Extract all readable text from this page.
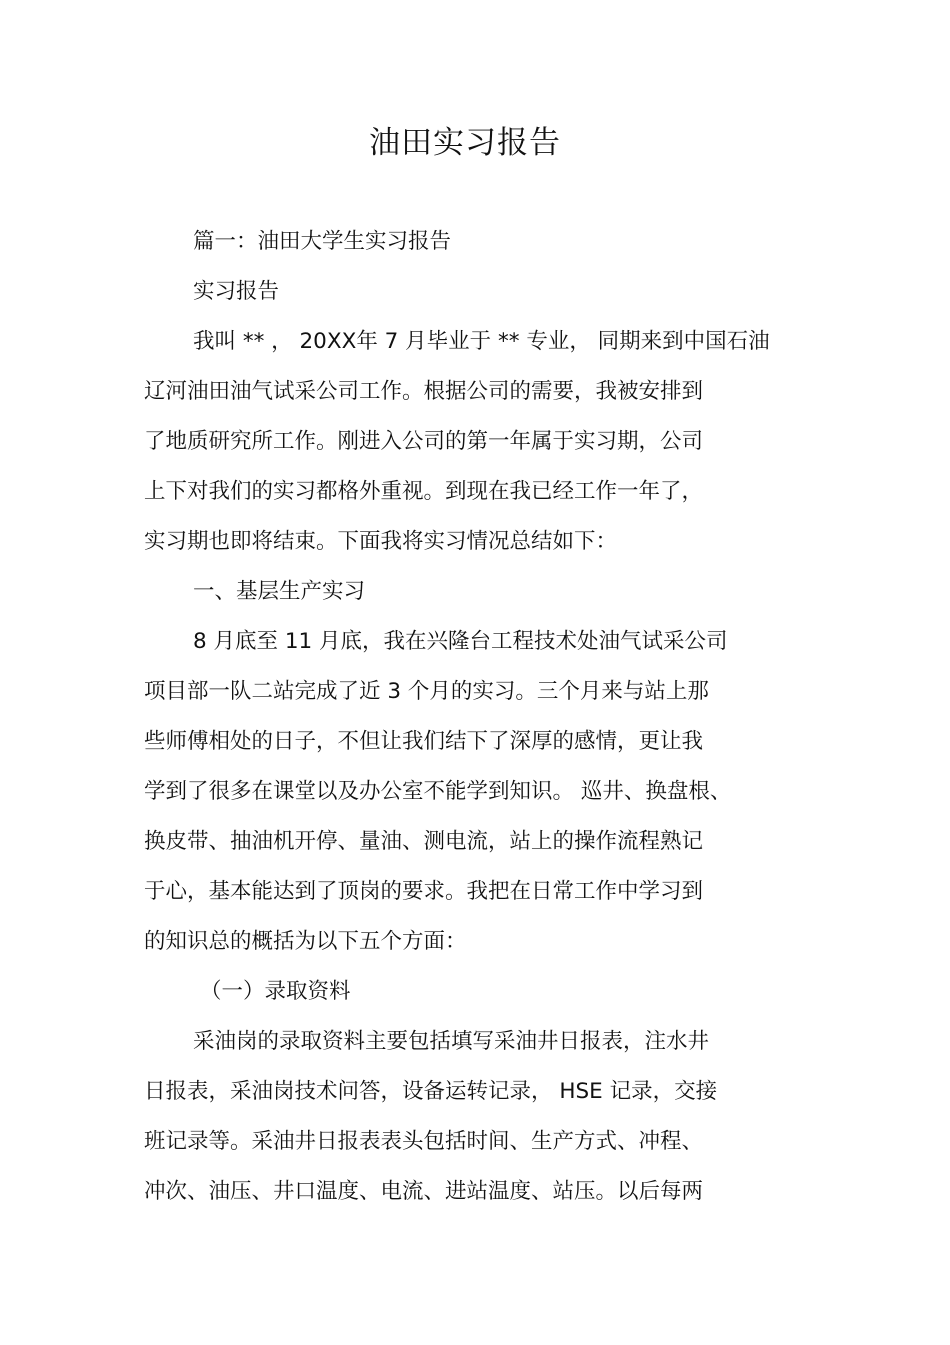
油田实习报告
篇一：油田大学生实习报告
实习报告
我叫 ** ， 20XX年 7 月毕业于 ** 专业， 同期来到中国石油
辽河油田油气试采公司工作。根据公司的需要，我被安排到
了地质研究所工作。刚进入公司的第一年属于实习期，公司
上下对我们的实习都格外重视。到现在我已经工作一年了，
实习期也即将结束。下面我将实习情况总结如下：
一、基层生产实习
8 月底至 11 月底，我在兴隆台工程技术处油气试采公司
项目部一队二站完成了近 3 个月的实习。三个月来与站上那
些师傅相处的日子，不但让我们结下了深厚的感情，更让我
学到了很多在课堂以及办公室不能学到知识。 巡井、换盘根、
换皮带、抽油机开停、量油、测电流，站上的操作流程熟记
于心，基本能达到了顶岗的要求。我把在日常工作中学习到
的知识总的概括为以下五个方面：
（一）录取资料
采油岗的录取资料主要包括填写采油井日报表，注水井
日报表，采油岗技术问答，设备运转记录， HSE 记录，交接
班记录等。采油井日报表表头包括时间、生产方式、冲程、
冲次、油压、井口温度、电流、进站温度、站压。以后每两
